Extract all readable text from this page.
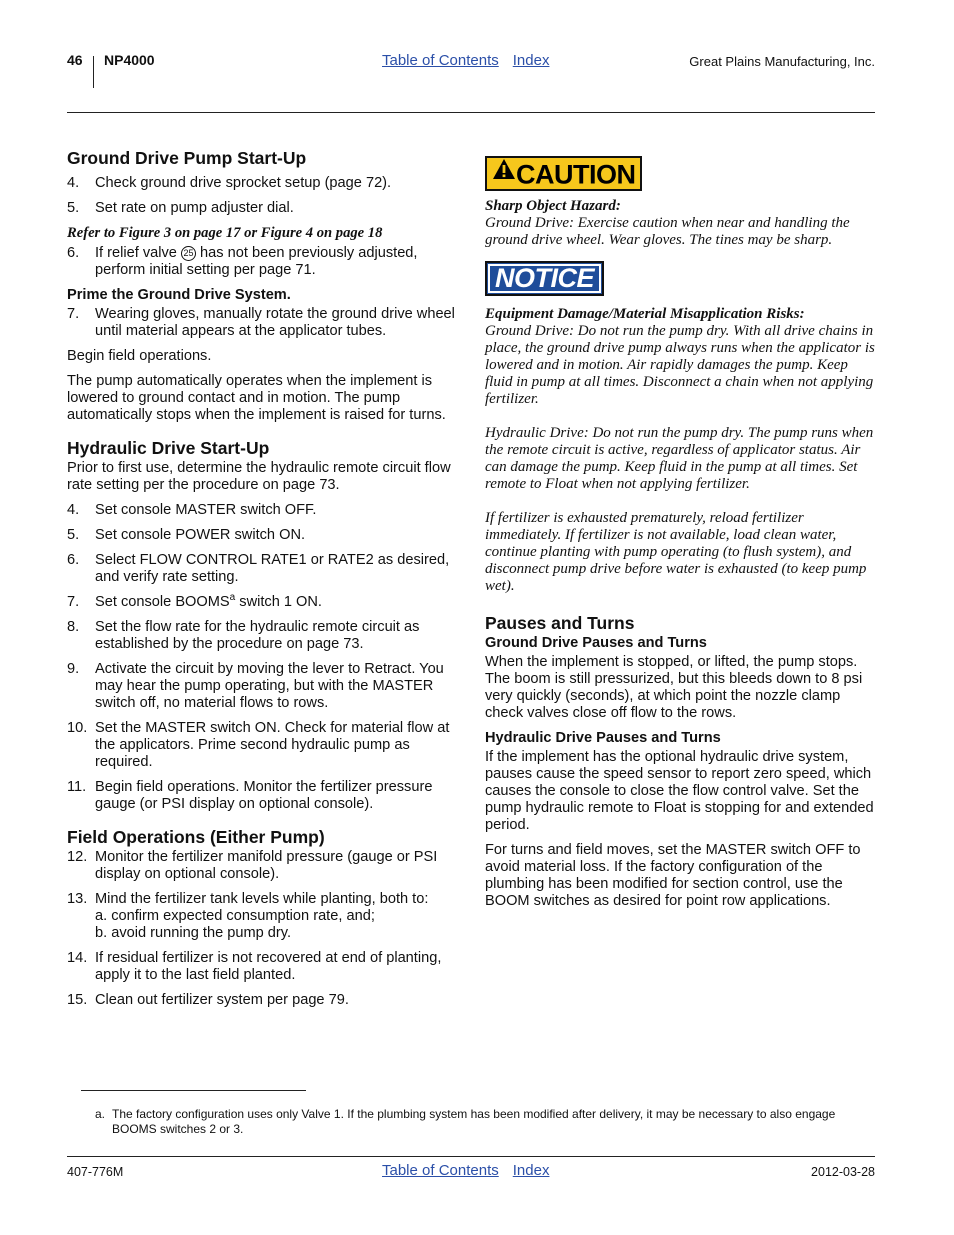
46 NP4000	Table of Contents Index	Great Plains Manufacturing, Inc.
Ground Drive Pump Start-Up
4. Check ground drive sprocket setup (page 72).
5. Set rate on pump adjuster dial.
Refer to Figure 3 on page 17 or Figure 4 on page 18
6. If relief valve 25 has not been previously adjusted, perform initial setting per page 71.
Prime the Ground Drive System.
7. Wearing gloves, manually rotate the ground drive wheel until material appears at the applicator tubes.

Begin field operations.

The pump automatically operates when the implement is lowered to ground contact and in motion. The pump automatically stops when the implement is raised for turns.

Hydraulic Drive Start-Up

Prior to first use, determine the hydraulic remote circuit flow rate setting per the procedure on page 73.

4. Set console MASTER switch OFF.
5. Set console POWER switch ON.
6. Select FLOW CONTROL RATE1 or RATE2 as desired, and verify rate setting.
7. Set console BOOMS$^a$ switch 1 ON.
8. Set the flow rate for the hydraulic remote circuit as established by the procedure on page 73.
9. Activate the circuit by moving the lever to Retract. You may hear the pump operating, but with the MASTER switch off, no material flows to rows.
10. Set the MASTER switch ON. Check for material flow at the applicators. Prime second hydraulic pump as required.
11. Begin field operations. Monitor the fertilizer pressure gauge (or PSI display on optional console).
Field Operations (Either Pump)
12. Monitor the fertilizer manifold pressure (gauge or PSI display on optional console).
13. Mind the fertilizer tank levels while planting, both to:
a. confirm expected consumption rate, and;
b. avoid running the pump dry.
14. If residual fertilizer is not recovered at end of planting, apply it to the last field planted.
15. Clean out fertilizer system per page 79.
CAUTION
Sharp Object Hazard:

Ground Drive: Exercise caution when near and handling the ground drive wheel. Wear gloves. The tines may be sharp.

NOTICE
Equipment Damage/Material Misapplication Risks:

Ground Drive: Do not run the pump dry. With all drive chains in place, the ground drive pump always runs when the applicator is lowered and in motion. Air rapidly damages the pump. Keep fluid in pump at all times. Disconnect a chain when not applying fertilizer.

Hydraulic Drive: Do not run the pump dry. The pump runs when the remote circuit is active, regardless of applicator status. Air can damage the pump. Keep fluid in the pump at all times. Set remote to Float when not applying fertilizer.

If fertilizer is exhausted prematurely, reload fertilizer immediately. If fertilizer is not available, load clean water, continue planting with pump operating (to flush system), and disconnect pump drive before water is exhausted (to keep pump wet).

Pauses and Turns
Ground Drive Pauses and Turns

When the implement is stopped, or lifted, the pump stops. The boom is still pressurized, but this bleeds down to 8 psi very quickly (seconds), at which point the nozzle clamp check valves close off flow to the rows.

Hydraulic Drive Pauses and Turns

If the implement has the optional hydraulic drive system, pauses cause the speed sensor to report zero speed, which causes the console to close the flow control valve. Set the pump hydraulic remote to Float is stopping for and extended period.

For turns and field moves, set the MASTER switch OFF to avoid material loss. If the factory configuration of the plumbing has been modified for section control, use the BOOM switches as desired for point row applications.

a. The factory configuration uses only Valve 1. If the plumbing system has been modified after delivery, it may be necessary to also engage BOOMS switches 2 or 3.
407-776M	Table of Contents Index	2012-03-28
